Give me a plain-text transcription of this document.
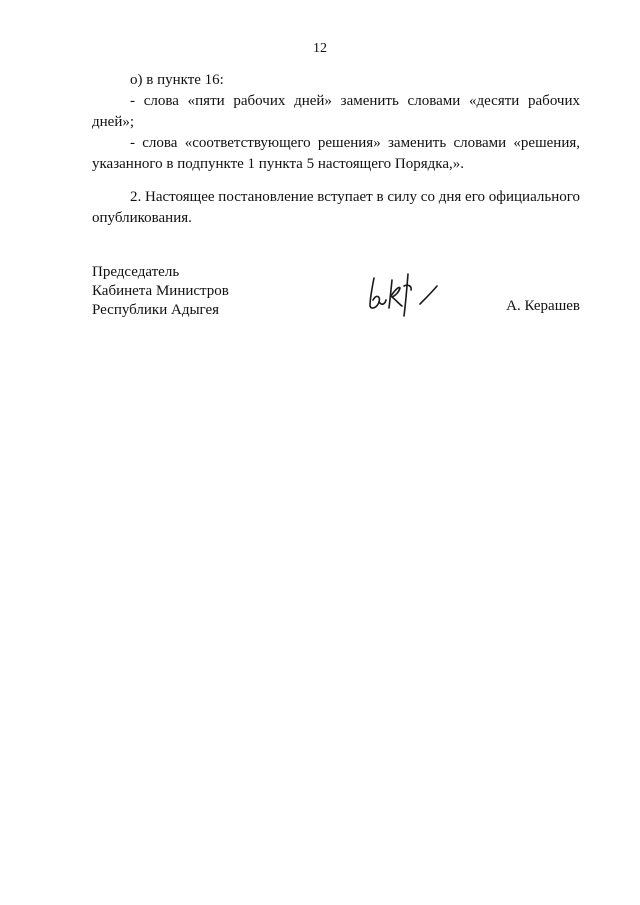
12

о) в пункте 16:

- слова «пяти рабочих дней» заменить словами «десяти рабочих дней»;

- слова «соответствующего решения» заменить словами «решения, указанного в подпункте 1 пункта 5 настоящего Порядка,».

2. Настоящее постановление вступает в силу со дня его официального опубликования.

Председатель
Кабинета Министров
Республики Адыгея	А. Керашев
